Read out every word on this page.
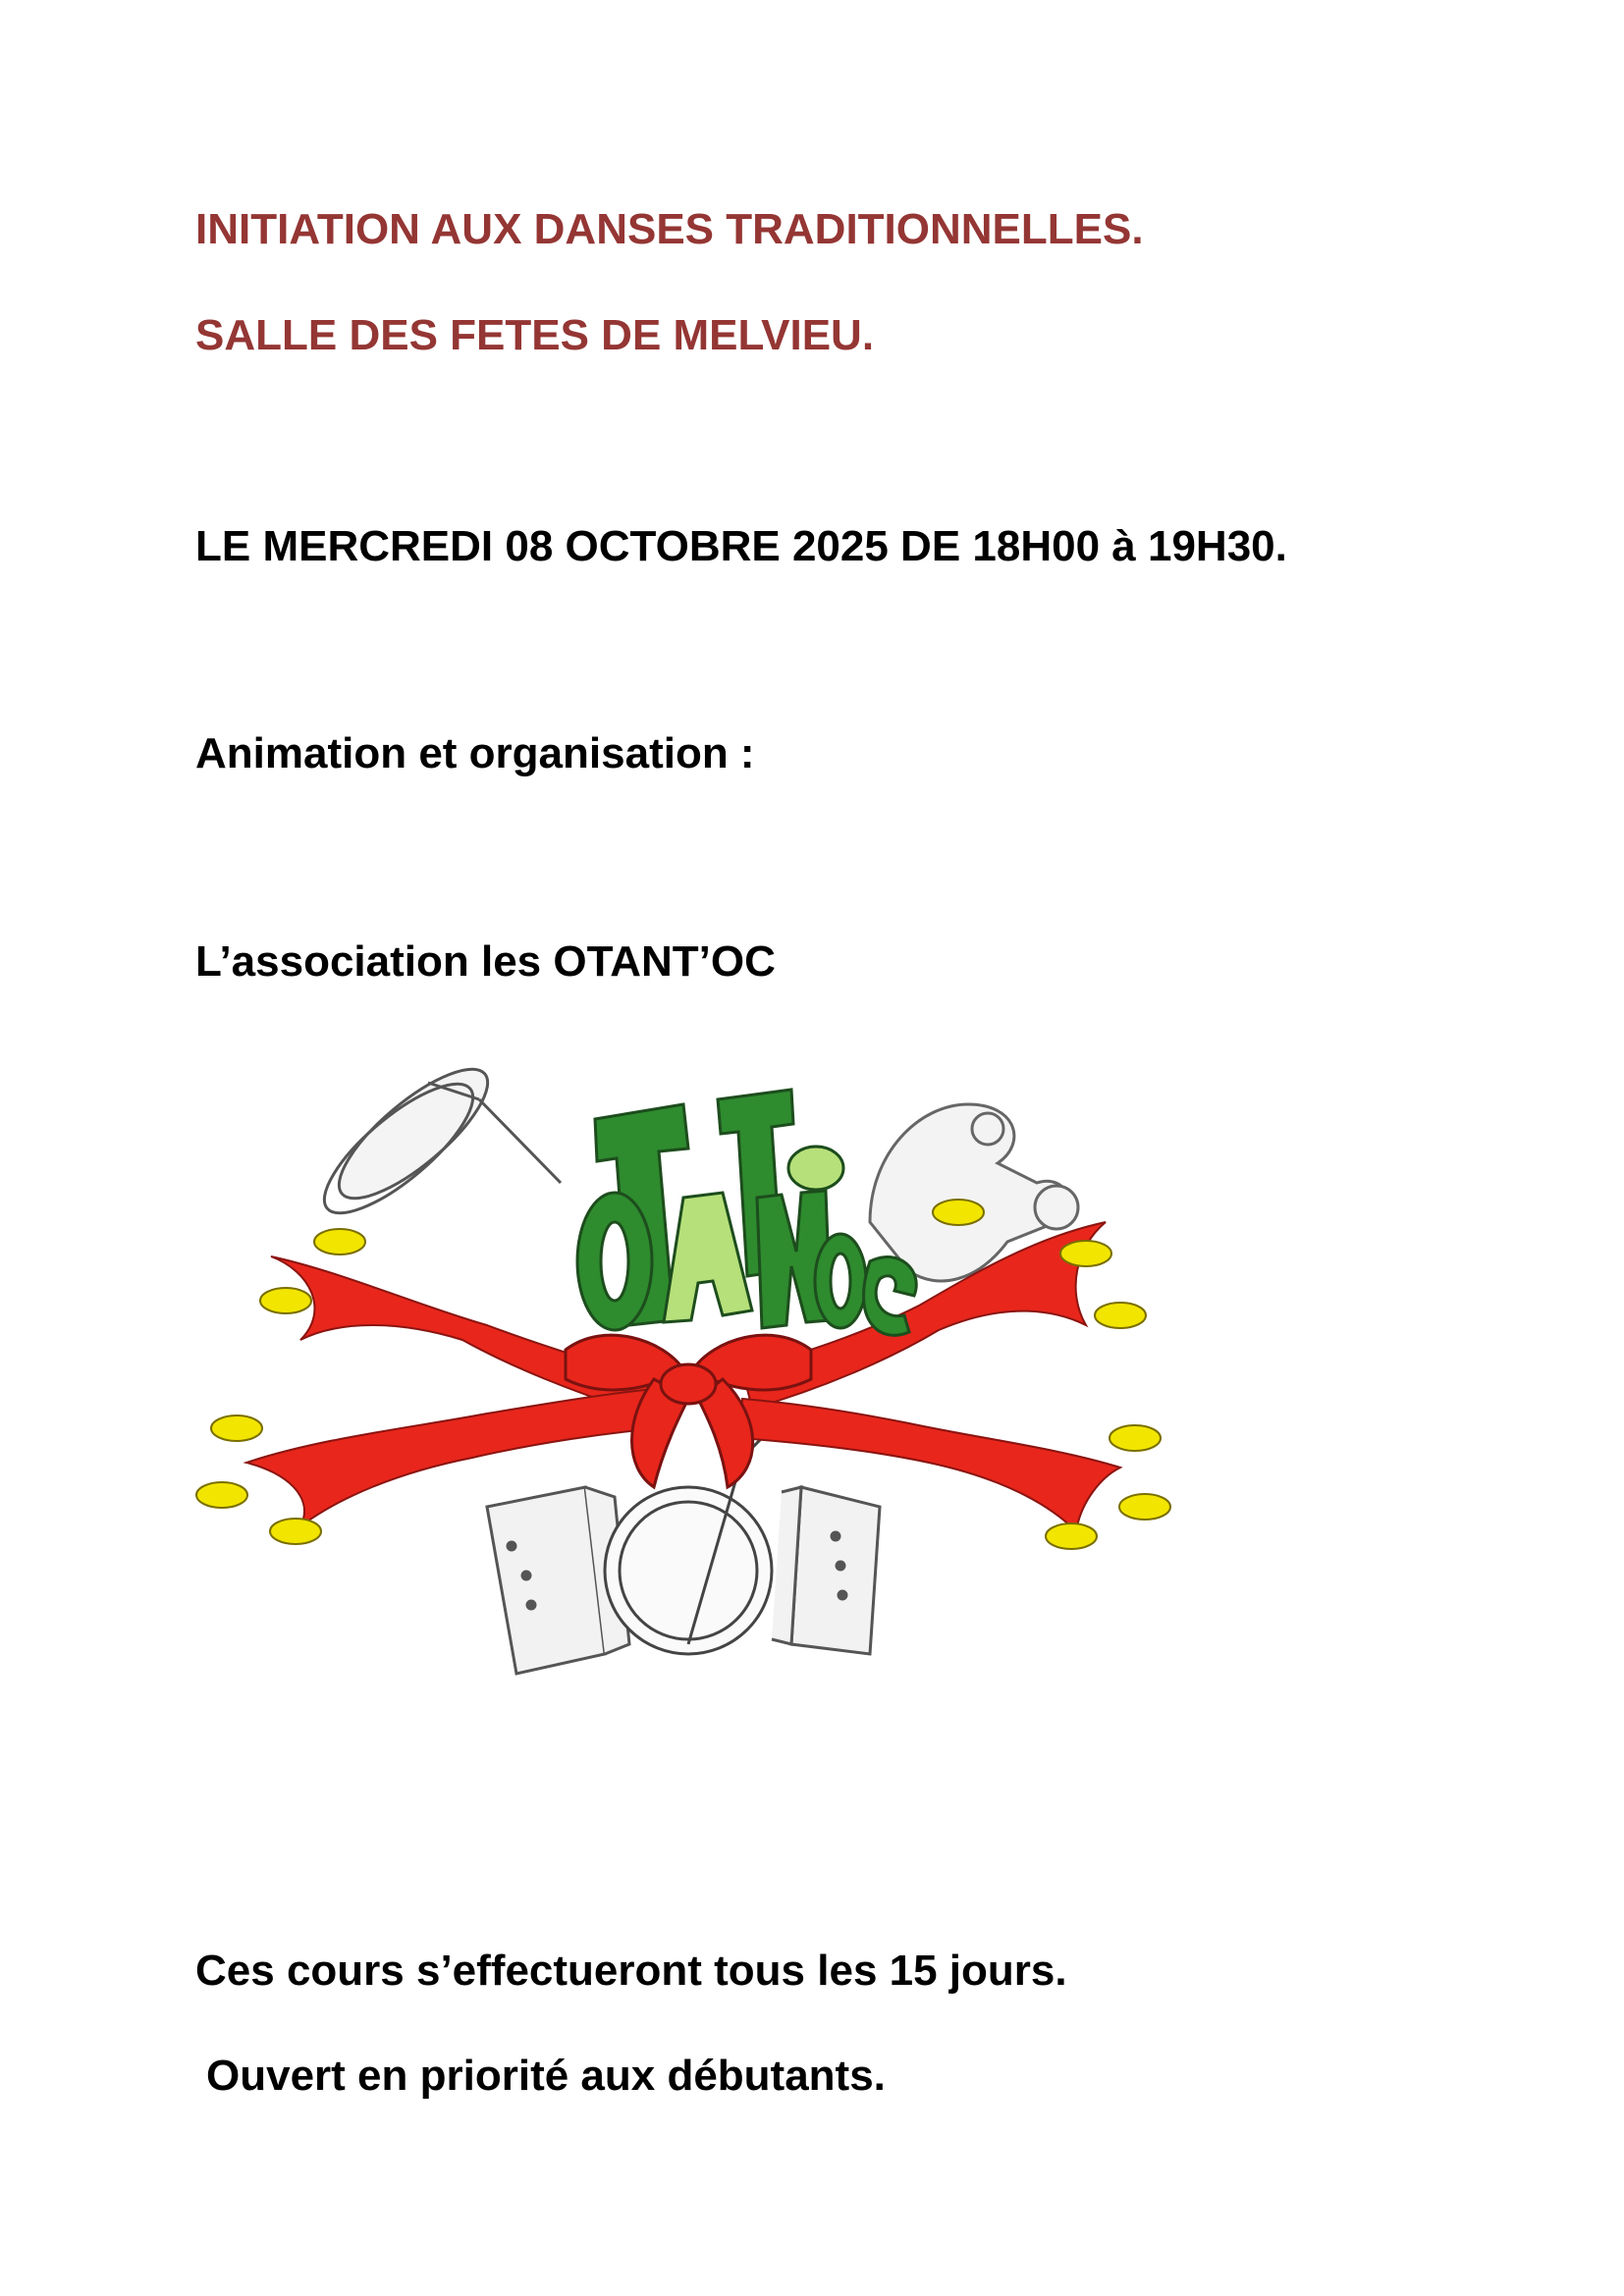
INITIATION AUX DANSES TRADITIONNELLES.

SALLE DES FETES DE MELVIEU.

LE MERCREDI 08 OCTOBRE 2025 DE 18H00 à 19H30.

Animation et organisation :

L’association les OTANT’OC

Ces cours s’effectueront tous les 15 jours.

Ouvert en priorité aux débutants.
